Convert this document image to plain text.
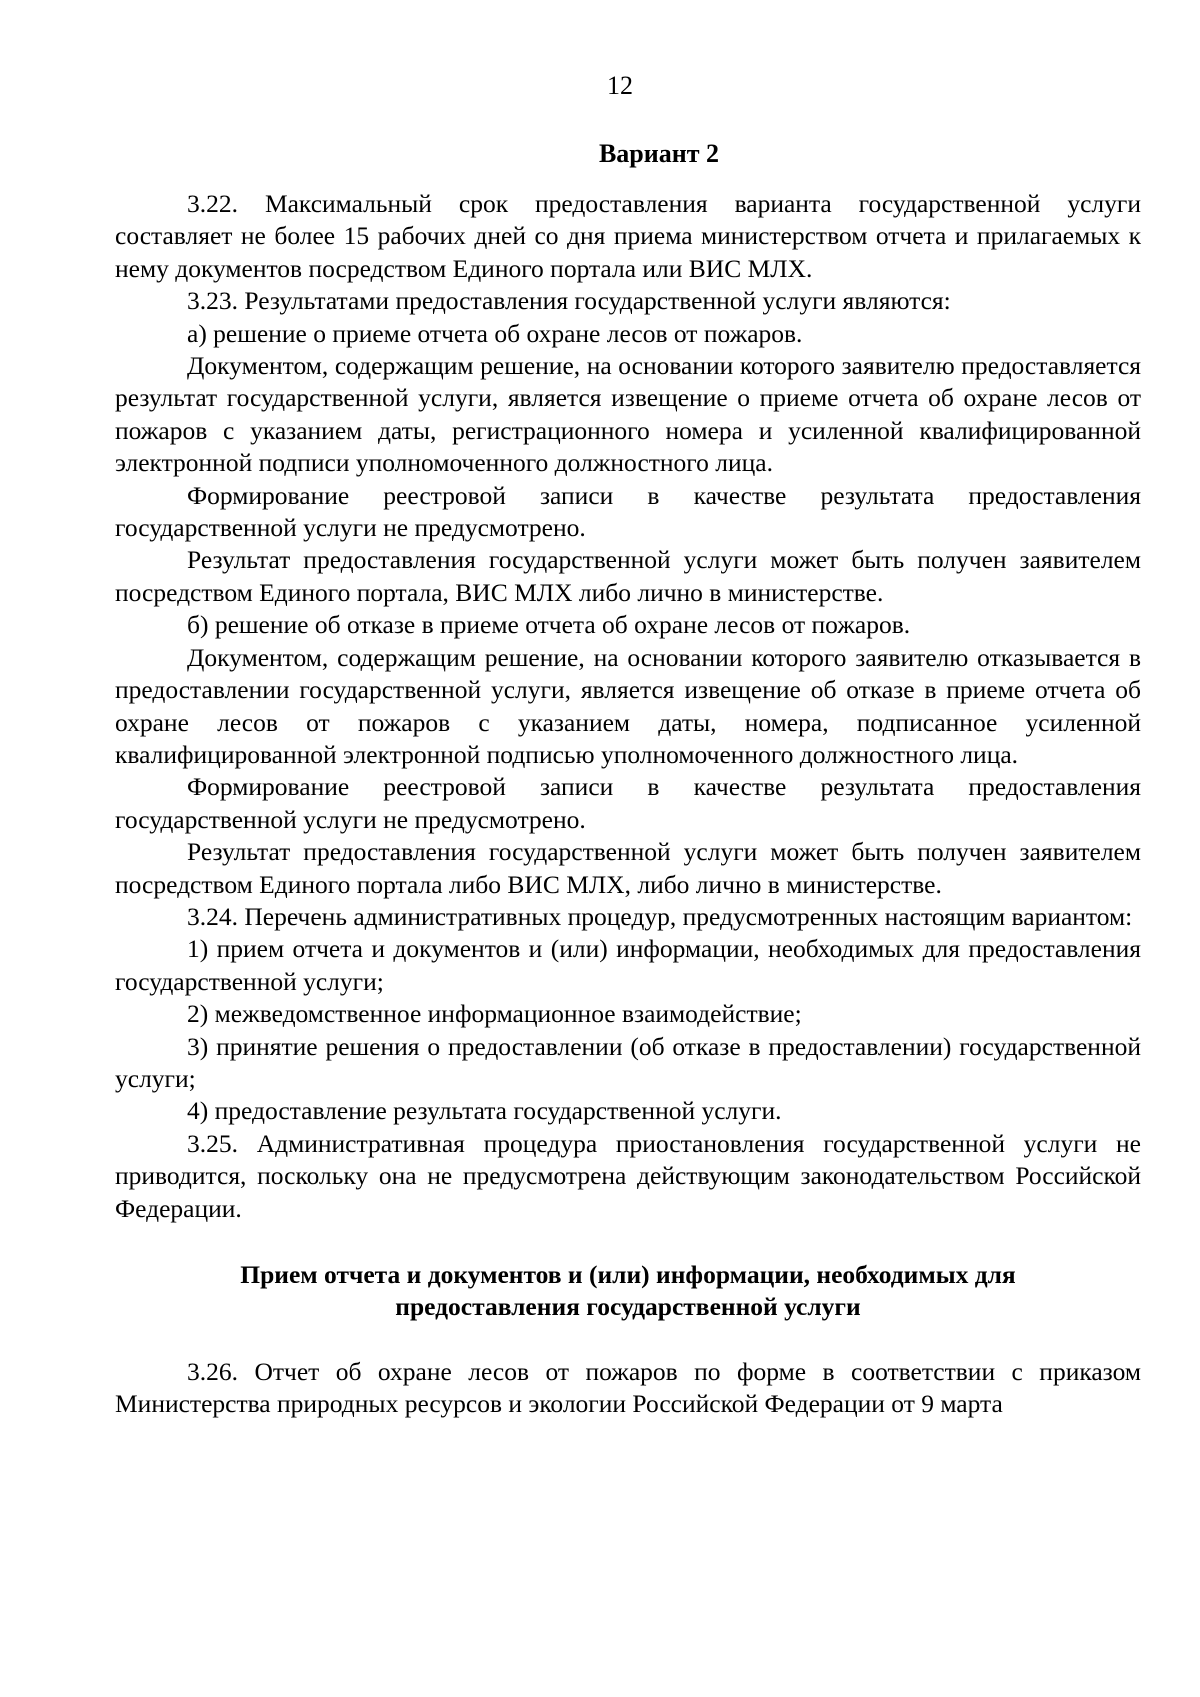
12
Вариант 2

3.22. Максимальный срок предоставления варианта государственной услуги составляет не более 15 рабочих дней со дня приема министерством отчета и прилагаемых к нему документов посредством Единого портала или ВИС МЛХ.

3.23. Результатами предоставления государственной услуги являются:

а) решение о приеме отчета об охране лесов от пожаров.

Документом, содержащим решение, на основании которого заявителю предоставляется результат государственной услуги, является извещение о приеме отчета об охране лесов от пожаров с указанием даты, регистрационного номера и усиленной квалифицированной электронной подписи уполномоченного должностного лица.

Формирование реестровой записи в качестве результата предоставления государственной услуги не предусмотрено.

Результат предоставления государственной услуги может быть получен заявителем посредством Единого портала, ВИС МЛХ либо лично в министерстве.

б) решение об отказе в приеме отчета об охране лесов от пожаров.

Документом, содержащим решение, на основании которого заявителю отказывается в предоставлении государственной услуги, является извещение об отказе в приеме отчета об охране лесов от пожаров с указанием даты, номера, подписанное усиленной квалифицированной электронной подписью уполномоченного должностного лица.

Формирование реестровой записи в качестве результата предоставления государственной услуги не предусмотрено.

Результат предоставления государственной услуги может быть получен заявителем посредством Единого портала либо ВИС МЛХ, либо лично в министерстве.

3.24. Перечень административных процедур, предусмотренных настоящим вариантом:

1) прием отчета и документов и (или) информации, необходимых для предоставления государственной услуги;

2) межведомственное информационное взаимодействие;

3) принятие решения о предоставлении (об отказе в предоставлении) государственной услуги;

4) предоставление результата государственной услуги.

3.25. Административная процедура приостановления государственной услуги не приводится, поскольку она не предусмотрена действующим законодательством Российской Федерации.

Прием отчета и документов и (или) информации, необходимых для предоставления государственной услуги

3.26. Отчет об охране лесов от пожаров по форме в соответствии с приказом Министерства природных ресурсов и экологии Российской Федерации от 9 марта
